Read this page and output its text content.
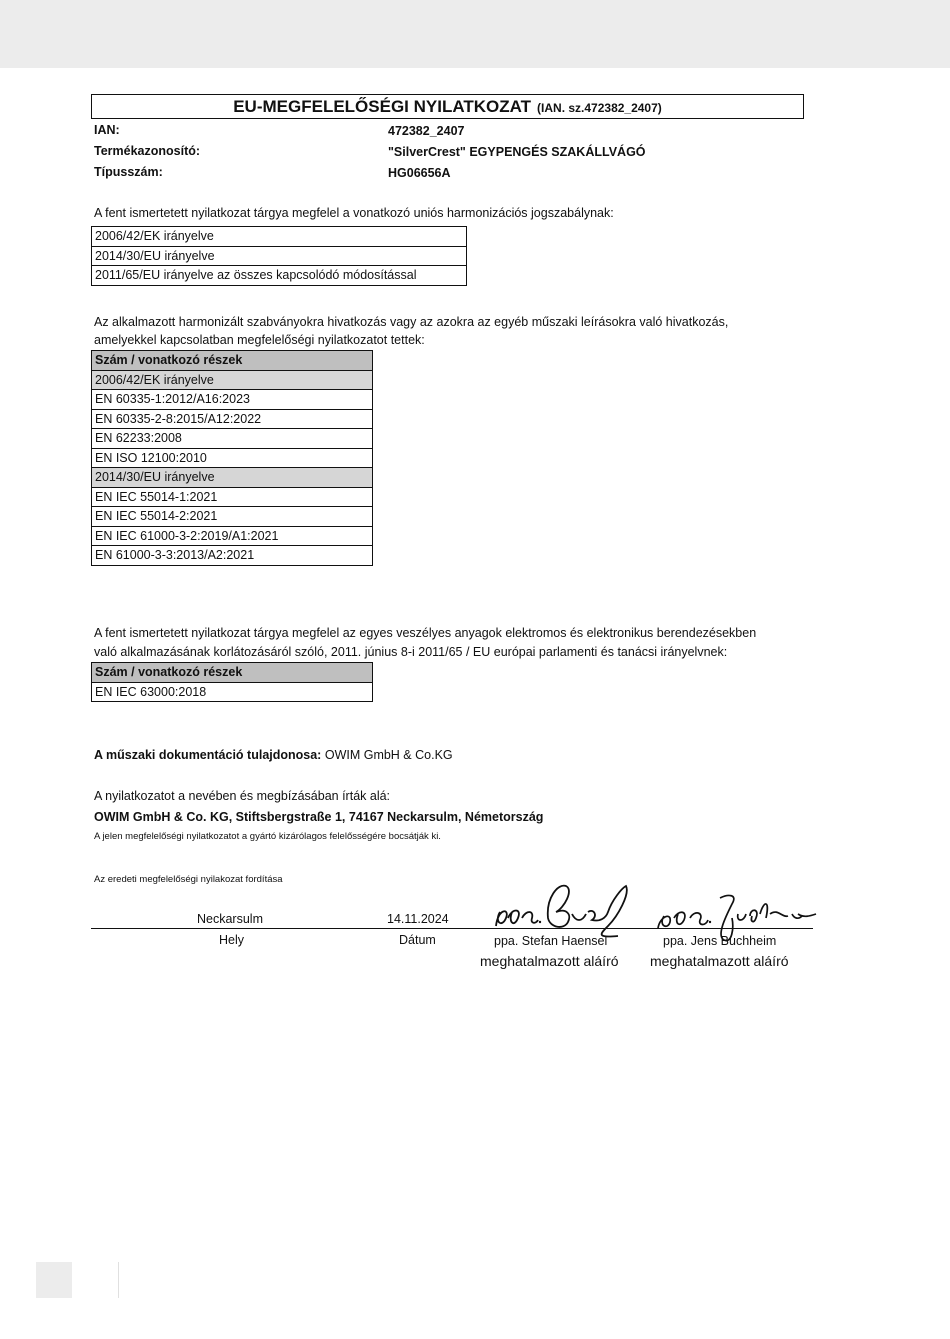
EU-MEGFELELŐSÉGI NYILATKOZAT (IAN. sz.472382_2407)
IAN:	472382_2407
Termékazonosító:	"SilverCrest" EGYPENGÉS SZAKÁLLVÁGÓ
Típusszám:	HG06656A
A fent ismertetett nyilatkozat tárgya megfelel a vonatkozó uniós harmonizációs jogszabálynak:
2006/42/EK irányelve
2014/30/EU irányelve
2011/65/EU irányelve az összes kapcsolódó módosítással
Az alkalmazott harmonizált szabványokra hivatkozás vagy az azokra az egyéb műszaki leírásokra való hivatkozás,
amelyekkel kapcsolatban megfelelőségi nyilatkozatot tettek:
Szám / vonatkozó részek
2006/42/EK irányelve
EN 60335-1:2012/A16:2023
EN 60335-2-8:2015/A12:2022
EN 62233:2008
EN ISO 12100:2010
2014/30/EU irányelve
EN IEC 55014-1:2021
EN IEC 55014-2:2021
EN IEC 61000-3-2:2019/A1:2021
EN 61000-3-3:2013/A2:2021
A fent ismertetett nyilatkozat tárgya megfelel az egyes veszélyes anyagok elektromos és elektronikus berendezésekben
való alkalmazásának korlátozásáról szóló, 2011. június 8-i 2011/65 / EU európai parlamenti és tanácsi irányelvnek:
Szám / vonatkozó részek
EN IEC 63000:2018
A műszaki dokumentáció tulajdonosa: OWIM GmbH & Co.KG
A nyilatkozatot a nevében és megbízásában írták alá:
OWIM GmbH & Co. KG, Stiftsbergstraße 1, 74167 Neckarsulm, Németország
A jelen megfelelőségi nyilatkozatot a gyártó kizárólagos felelősségére bocsátják ki.
Az eredeti megfelelőségi nyilakozat fordítása
Neckarsulm	14.11.2024
Hely	Dátum	ppa. Stefan Haensel	ppa. Jens Buchheim
meghatalmazott aláíró meghatalmazott aláíró
